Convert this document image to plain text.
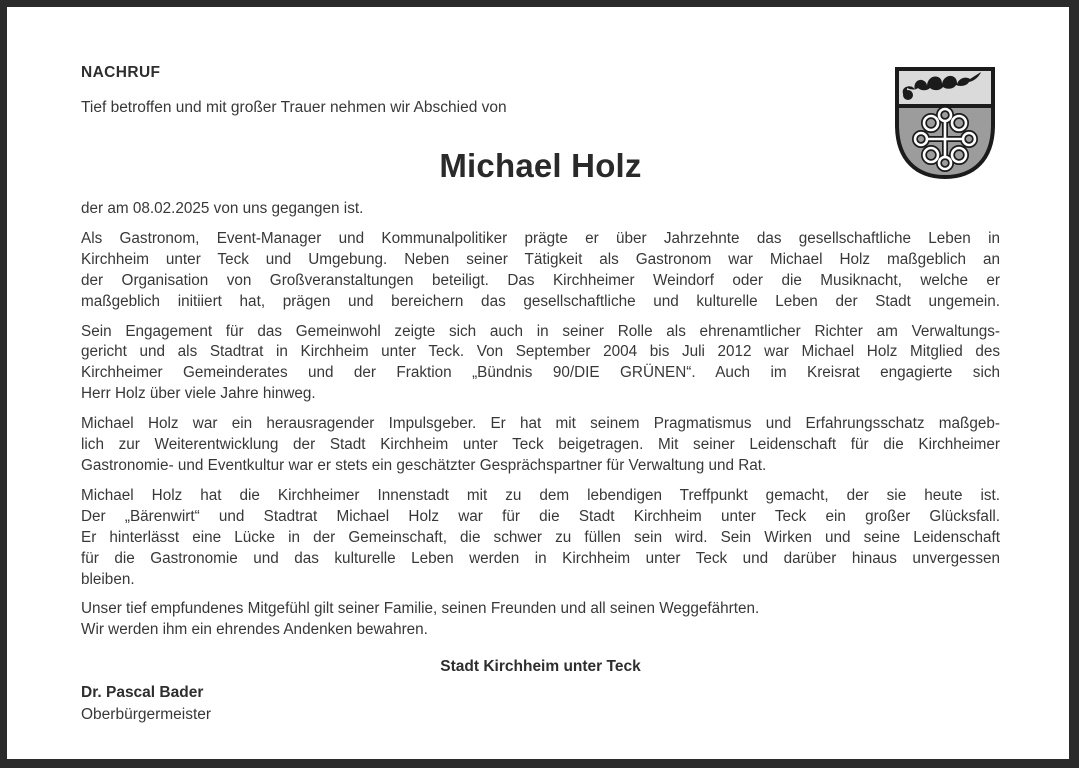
NACHRUF
Tief betroffen und mit großer Trauer nehmen wir Abschied von
Michael Holz
der am 08.02.2025 von uns gegangen ist.
Als Gastronom, Event-Manager und Kommunalpolitiker prägte er über Jahrzehnte das gesellschaftliche Leben in
Kirchheim unter Teck und Umgebung. Neben seiner Tätigkeit als Gastronom war Michael Holz maßgeblich an
der Organisation von Großveranstaltungen beteiligt. Das Kirchheimer Weindorf oder die Musiknacht, welche er
maßgeblich initiiert hat, prägen und bereichern das gesellschaftliche und kulturelle Leben der Stadt ungemein.
Sein Engagement für das Gemeinwohl zeigte sich auch in seiner Rolle als ehrenamtlicher Richter am Verwaltungs-
gericht und als Stadtrat in Kirchheim unter Teck. Von September 2004 bis Juli 2012 war Michael Holz Mitglied des
Kirchheimer Gemeinderates und der Fraktion „Bündnis 90/DIE GRÜNEN“. Auch im Kreisrat engagierte sich
Herr Holz über viele Jahre hinweg.
Michael Holz war ein herausragender Impulsgeber. Er hat mit seinem Pragmatismus und Erfahrungsschatz maßgeb-
lich zur Weiterentwicklung der Stadt Kirchheim unter Teck beigetragen. Mit seiner Leidenschaft für die Kirchheimer
Gastronomie- und Eventkultur war er stets ein geschätzter Gesprächspartner für Verwaltung und Rat.
Michael Holz hat die Kirchheimer Innenstadt mit zu dem lebendigen Treffpunkt gemacht, der sie heute ist.
Der „Bärenwirt“ und Stadtrat Michael Holz war für die Stadt Kirchheim unter Teck ein großer Glücksfall.
Er hinterlässt eine Lücke in der Gemeinschaft, die schwer zu füllen sein wird. Sein Wirken und seine Leidenschaft
für die Gastronomie und das kulturelle Leben werden in Kirchheim unter Teck und darüber hinaus unvergessen
bleiben.
Unser tief empfundenes Mitgefühl gilt seiner Familie, seinen Freunden und all seinen Weggefährten.
Wir werden ihm ein ehrendes Andenken bewahren.
Stadt Kirchheim unter Teck
Dr. Pascal Bader
Oberbürgermeister
